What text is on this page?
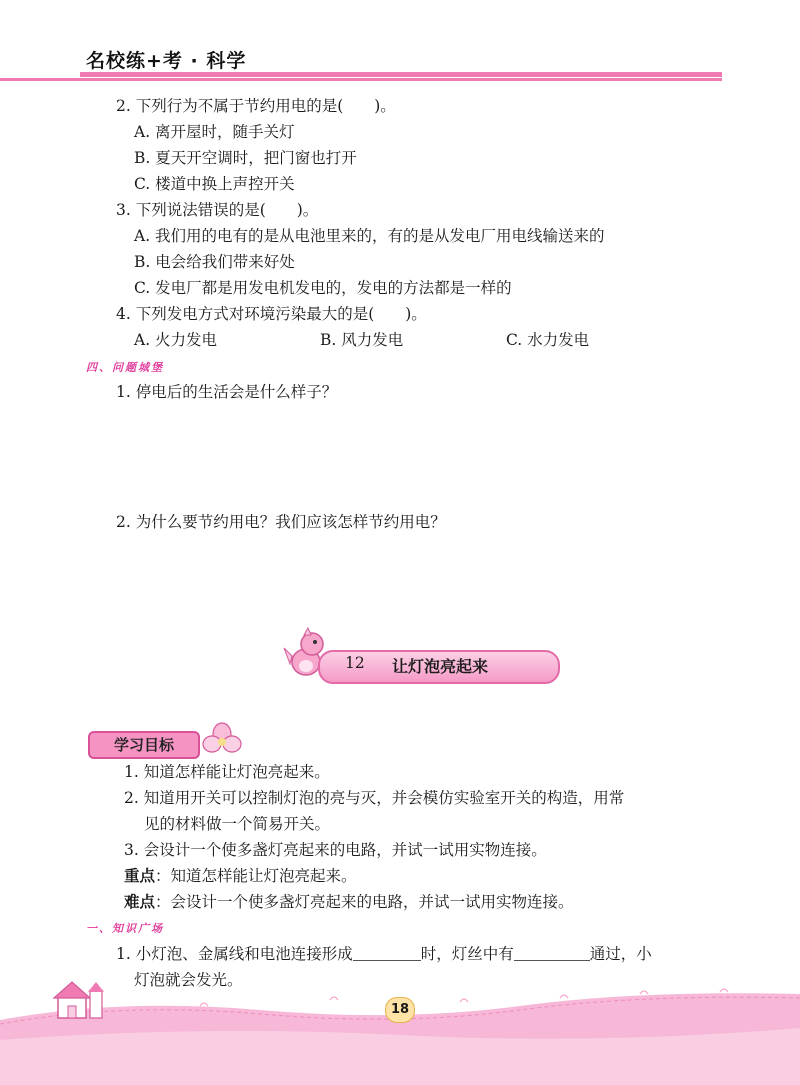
名校练+考 · 科学
2. 下列行为不属于节约用电的是(　　)。
A. 离开屋时，随手关灯
B. 夏天开空调时，把门窗也打开
C. 楼道中换上声控开关
3. 下列说法错误的是(　　)。
A. 我们用的电有的是从电池里来的，有的是从发电厂用电线输送来的
B. 电会给我们带来好处
C. 发电厂都是用发电机发电的，发电的方法都是一样的
4. 下列发电方式对环境污染最大的是(　　)。
A. 火力发电	B. 风力发电	C. 水力发电
四、问题城堡
1. 停电后的生活会是什么样子？
2. 为什么要节约用电？我们应该怎样节约用电？
12 让灯泡亮起来
学习目标
1. 知道怎样能让灯泡亮起来。
2. 知道用开关可以控制灯泡的亮与灭，并会模仿实验室开关的构造，用常
见的材料做一个简易开关。
3. 会设计一个使多盏灯亮起来的电路，并试一试用实物连接。
重点：知道怎样能让灯泡亮起来。
难点：会设计一个使多盏灯亮起来的电路，并试一试用实物连接。
一、知识广场
1. 小灯泡、金属线和电池连接形成	时，灯丝中有	通过，小
灯泡就会发光。
18
